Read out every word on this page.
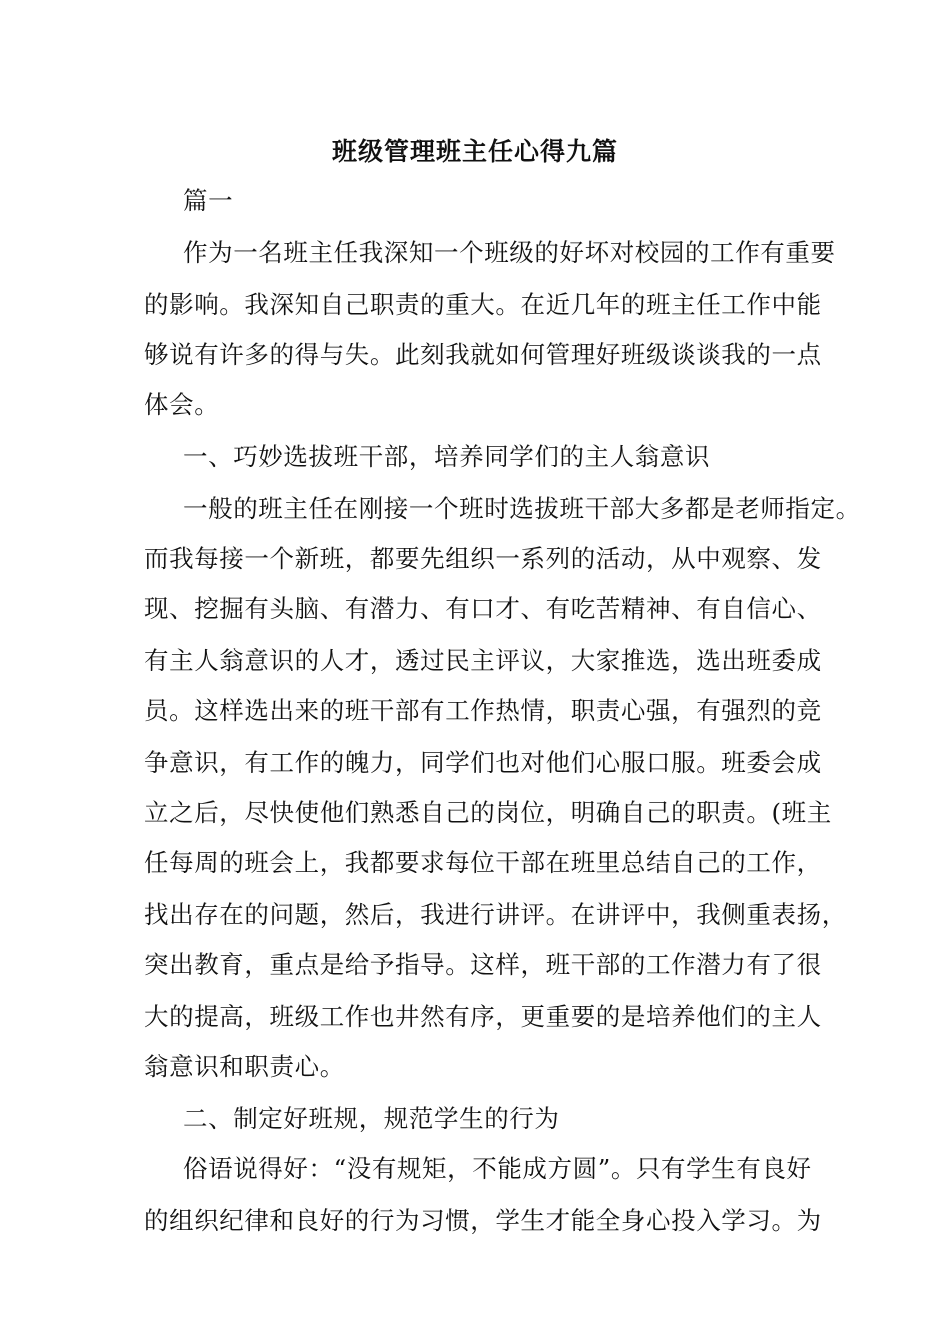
班级管理班主任心得九篇
篇一
作为一名班主任我深知一个班级的好坏对校园的工作有重要
的影响。我深知自己职责的重大。在近几年的班主任工作中能
够说有许多的得与失。此刻我就如何管理好班级谈谈我的一点
体会。
一、巧妙选拔班干部，培养同学们的主人翁意识
一般的班主任在刚接一个班时选拔班干部大多都是老师指定。
而我每接一个新班，都要先组织一系列的活动，从中观察、发
现、挖掘有头脑、有潜力、有口才、有吃苦精神、有自信心、
有主人翁意识的人才，透过民主评议，大家推选，选出班委成
员。这样选出来的班干部有工作热情，职责心强，有强烈的竞
争意识，有工作的魄力，同学们也对他们心服口服。班委会成
立之后，尽快使他们熟悉自己的岗位，明确自己的职责。(班主
任每周的班会上，我都要求每位干部在班里总结自己的工作，
找出存在的问题，然后，我进行讲评。在讲评中，我侧重表扬，
突出教育，重点是给予指导。这样，班干部的工作潜力有了很
大的提高，班级工作也井然有序，更重要的是培养他们的主人
翁意识和职责心。
二、制定好班规，规范学生的行为
俗语说得好：“没有规矩，不能成方圆”。只有学生有良好
的组织纪律和良好的行为习惯，学生才能全身心投入学习。为
